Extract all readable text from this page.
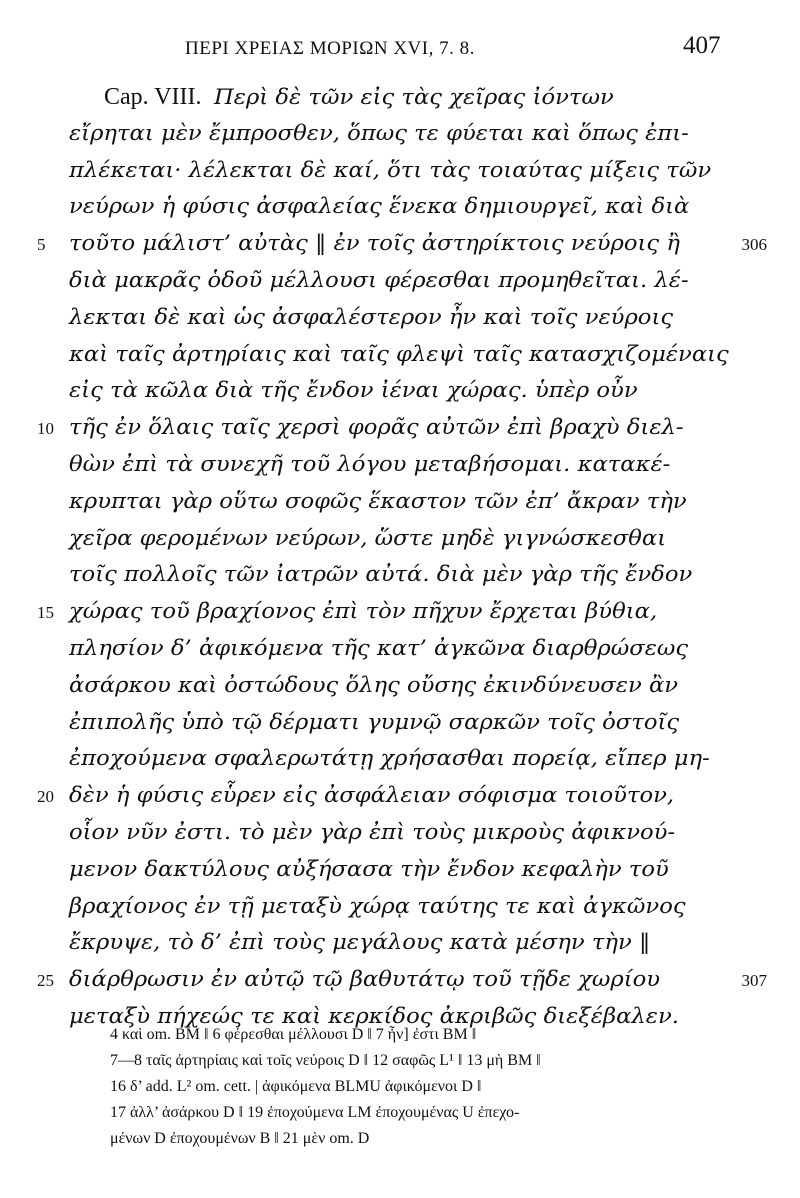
ΠΕΡΙ ΧΡΕΙΑΣ ΜΟΡΙΩΝ XVI, 7. 8.	407
Cap. VIII. Περὶ δὲ τῶν εἰς τὰς χεῖρας ἰόντων
εἴρηται μὲν ἔμπροσθεν, ὅπως τε φύεται καὶ ὅπως ἐπι-
πλέκεται· λέλεκται δὲ καί, ὅτι τὰς τοιαύτας μίξεις τῶν
νεύρων ἡ φύσις ἀσφαλείας ἕνεκα δημιουργεῖ, καὶ διὰ
5 τοῦτο μάλιστ’ αὐτὰς ‖ ἐν τοῖς ἀστηρίκτοις νεύροις ἢ	306
διὰ μακρᾶς ὁδοῦ μέλλουσι φέρεσθαι προμηθεῖται. λέ-
λεκται δὲ καὶ ὡς ἀσφαλέστερον ἦν καὶ τοῖς νεύροις
καὶ ταῖς ἀρτηρίαις καὶ ταῖς φλεψὶ ταῖς κατασχιζομέναις
εἰς τὰ κῶλα διὰ τῆς ἔνδον ἰέναι χώρας. ὑπὲρ οὖν
10 τῆς ἐν ὅλαις ταῖς χερσὶ φορᾶς αὐτῶν ἐπὶ βραχὺ διελ-
θὼν ἐπὶ τὰ συνεχῆ τοῦ λόγου μεταβήσομαι. κατακέ-
κρυπται γὰρ οὕτω σοφῶς ἕκαστον τῶν ἐπ’ ἄκραν τὴν
χεῖρα φερομένων νεύρων, ὥστε μηδὲ γιγνώσκεσθαι
τοῖς πολλοῖς τῶν ἰατρῶν αὐτά. διὰ μὲν γὰρ τῆς ἔνδον
15 χώρας τοῦ βραχίονος ἐπὶ τὸν πῆχυν ἔρχεται βύθια,
πλησίον δ’ ἀφικόμενα τῆς κατ’ ἀγκῶνα διαρθρώσεως
ἀσάρκου καὶ ὀστώδους ὅλης οὔσης ἐκινδύνευσεν ἂν
ἐπιπολῆς ὑπὸ τῷ δέρματι γυμνῷ σαρκῶν τοῖς ὀστοῖς
ἐποχούμενα σφαλερωτάτῃ χρήσασθαι πορείᾳ, εἴπερ μη-
20 δὲν ἡ φύσις εὗρεν εἰς ἀσφάλειαν σόφισμα τοιοῦτον,
οἷον νῦν ἐστι. τὸ μὲν γὰρ ἐπὶ τοὺς μικροὺς ἀφικνού-
μενον δακτύλους αὐξήσασα τὴν ἔνδον κεφαλὴν τοῦ
βραχίονος ἐν τῇ μεταξὺ χώρᾳ ταύτης τε καὶ ἀγκῶνος
ἔκρυψε, τὸ δ’ ἐπὶ τοὺς μεγάλους κατὰ μέσην τὴν ‖
25 διάρθρωσιν ἐν αὐτῷ τῷ βαθυτάτῳ τοῦ τῇδε χωρίου	307
μεταξὺ πήχεώς τε καὶ κερκίδος ἀκριβῶς διεξέβαλεν.
4 καὶ om. BM ‖ 6 φέρεσθαι μέλλουσι D ‖ 7 ἦν] ἐστι BM ‖
7—8 ταῖς ἀρτηρίαις καὶ τοῖς νεύροις D ‖ 12 σαφῶς L¹ ‖ 13 μὴ BM ‖
16 δ’ add. L² om. cett. | ἀφικόμενα BLMU ἀφικόμενοι D ‖
17 ἀλλ’ ἀσάρκου D ‖ 19 ἐποχούμενα LM ἐποχουμένας U ἐπεχο-
μένων D ἐποχουμένων B ‖ 21 μὲν om. D
